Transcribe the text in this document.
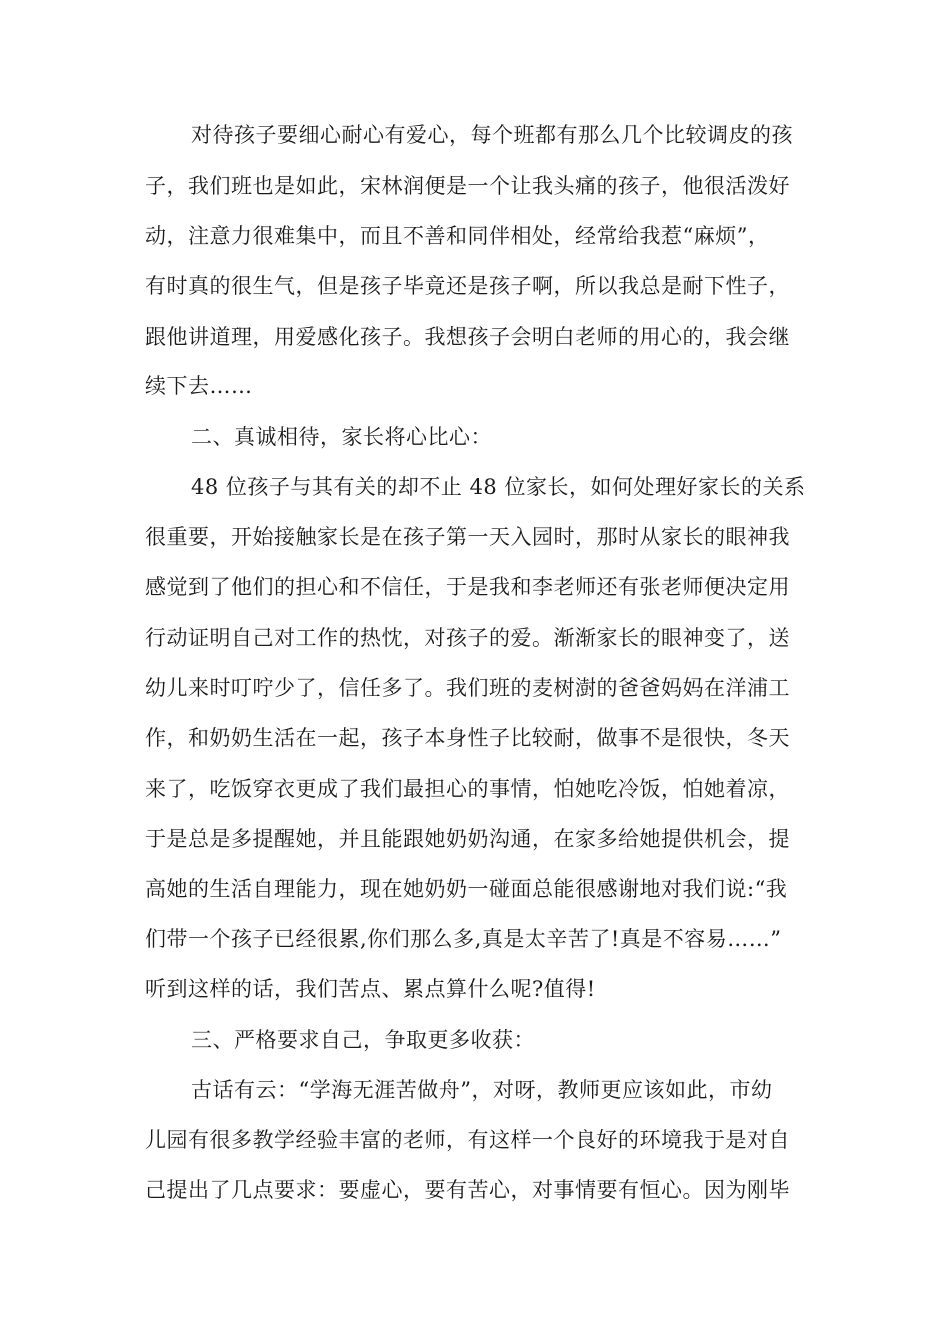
对待孩子要细心耐心有爱心，每个班都有那么几个比较调皮的孩
子，我们班也是如此，宋林润便是一个让我头痛的孩子，他很活泼好
动，注意力很难集中，而且不善和同伴相处，经常给我惹“麻烦”，
有时真的很生气，但是孩子毕竟还是孩子啊，所以我总是耐下性子，
跟他讲道理，用爱感化孩子。我想孩子会明白老师的用心的，我会继
续下去……
二、真诚相待，家长将心比心：
48 位孩子与其有关的却不止 48 位家长，如何处理好家长的关系
很重要，开始接触家长是在孩子第一天入园时，那时从家长的眼神我
感觉到了他们的担心和不信任，于是我和李老师还有张老师便决定用
行动证明自己对工作的热忱，对孩子的爱。渐渐家长的眼神变了，送
幼儿来时叮咛少了，信任多了。我们班的麦树澍的爸爸妈妈在洋浦工
作，和奶奶生活在一起，孩子本身性子比较耐，做事不是很快，冬天
来了，吃饭穿衣更成了我们最担心的事情，怕她吃冷饭，怕她着凉，
于是总是多提醒她，并且能跟她奶奶沟通，在家多给她提供机会，提
高她的生活自理能力，现在她奶奶一碰面总能很感谢地对我们说:“我
们带一个孩子已经很累,你们那么多,真是太辛苦了!真是不容易……”
听到这样的话，我们苦点、累点算什么呢?值得!
三、严格要求自己，争取更多收获：
古话有云：“学海无涯苦做舟”，对呀，教师更应该如此，市幼
儿园有很多教学经验丰富的老师，有这样一个良好的环境我于是对自
己提出了几点要求：要虚心，要有苦心，对事情要有恒心。因为刚毕
